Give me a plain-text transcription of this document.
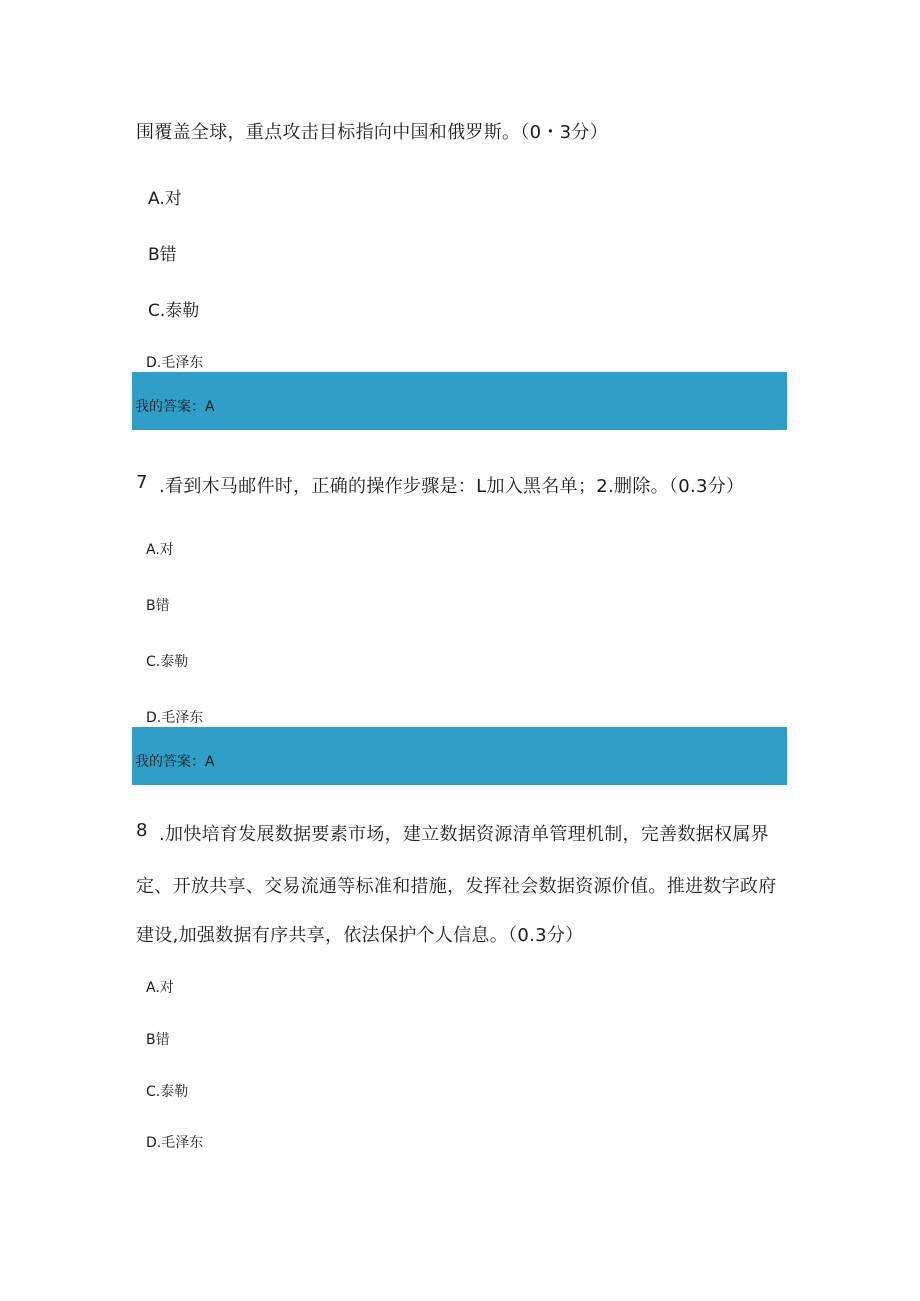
围覆盖全球，重点攻击目标指向中国和俄罗斯。（0・3分）
A.对
B错
C.泰勒
D.毛泽东
我的答案：A
7 .看到木马邮件时，正确的操作步骤是：L加入黑名单；2.删除。（0.3分）
A.对
B错
C.泰勒
D.毛泽东
我的答案：A
8 .加快培育发展数据要素市场，建立数据资源清单管理机制，完善数据权属界
定、开放共享、交易流通等标准和措施，发挥社会数据资源价值。推进数字政府
建设,加强数据有序共享，依法保护个人信息。（0.3分）
A.对
B错
C.泰勒
D.毛泽东
